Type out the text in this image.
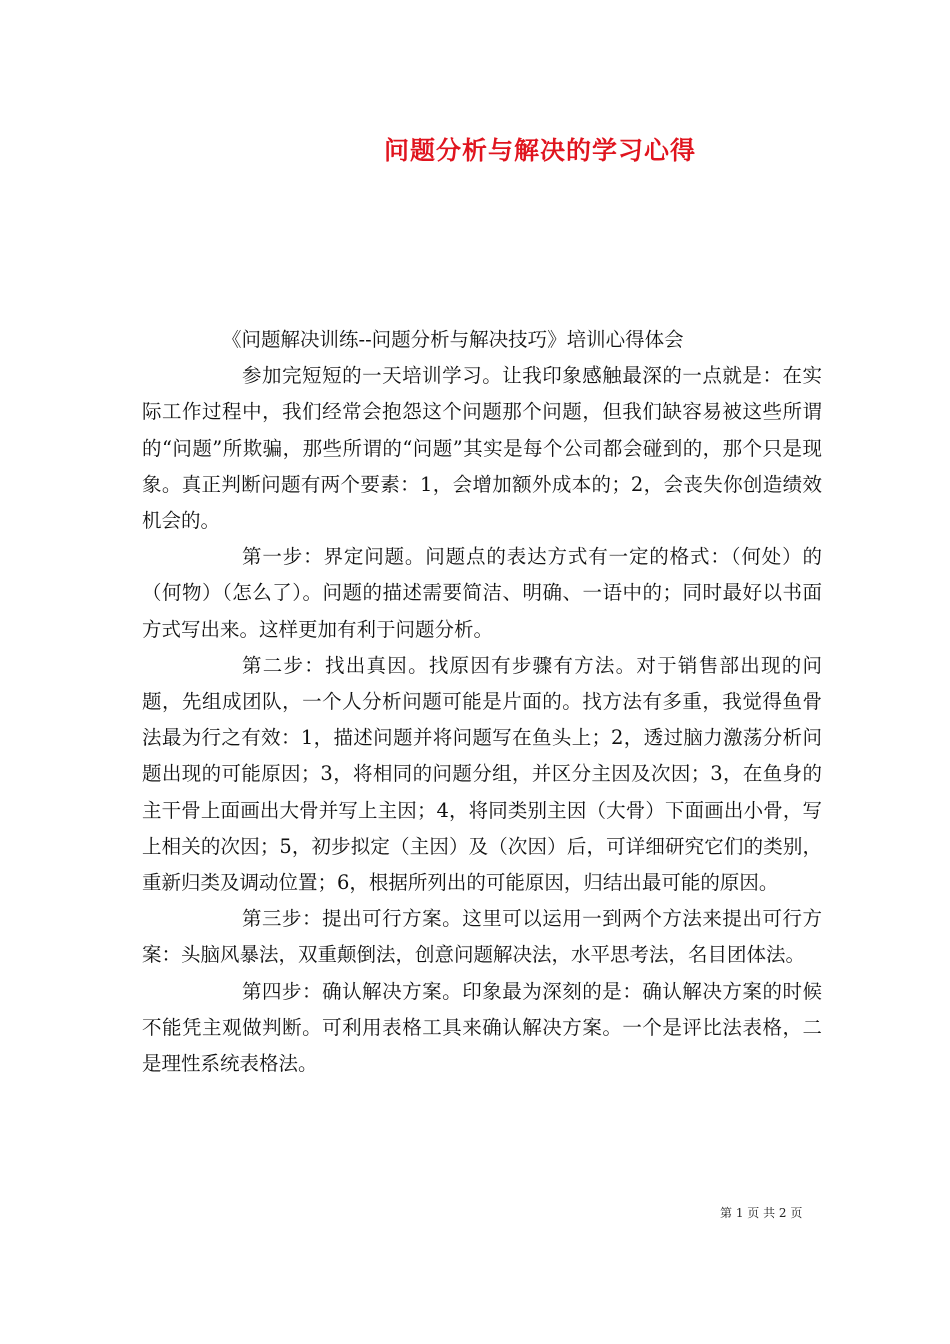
问题分析与解决的学习心得

《问题解决训练--问题分析与解决技巧》培训心得体会

参加完短短的一天培训学习。让我印象感触最深的一点就是：在实际工作过程中，我们经常会抱怨这个问题那个问题，但我们缺容易被这些所谓的“问题”所欺骗，那些所谓的“问题”其实是每个公司都会碰到的，那个只是现象。真正判断问题有两个要素：1，会增加额外成本的；2，会丧失你创造绩效机会的。

第一步：界定问题。问题点的表达方式有一定的格式：（何处）的（何物）（怎么了）。问题的描述需要简洁、明确、一语中的；同时最好以书面方式写出来。这样更加有利于问题分析。

第二步：找出真因。找原因有步骤有方法。对于销售部出现的问题，先组成团队，一个人分析问题可能是片面的。找方法有多重，我觉得鱼骨法最为行之有效：1，描述问题并将问题写在鱼头上；2，透过脑力激荡分析问题出现的可能原因；3，将相同的问题分组，并区分主因及次因；3，在鱼身的主干骨上面画出大骨并写上主因；4，将同类别主因（大骨）下面画出小骨，写上相关的次因；5，初步拟定（主因）及（次因）后，可详细研究它们的类别，重新归类及调动位置；6，根据所列出的可能原因，归结出最可能的原因。

第三步：提出可行方案。这里可以运用一到两个方法来提出可行方案：头脑风暴法，双重颠倒法，创意问题解决法，水平思考法，名目团体法。

第四步：确认解决方案。印象最为深刻的是：确认解决方案的时候不能凭主观做判断。可利用表格工具来确认解决方案。一个是评比法表格，二是理性系统表格法。

第 1 页 共 2 页
